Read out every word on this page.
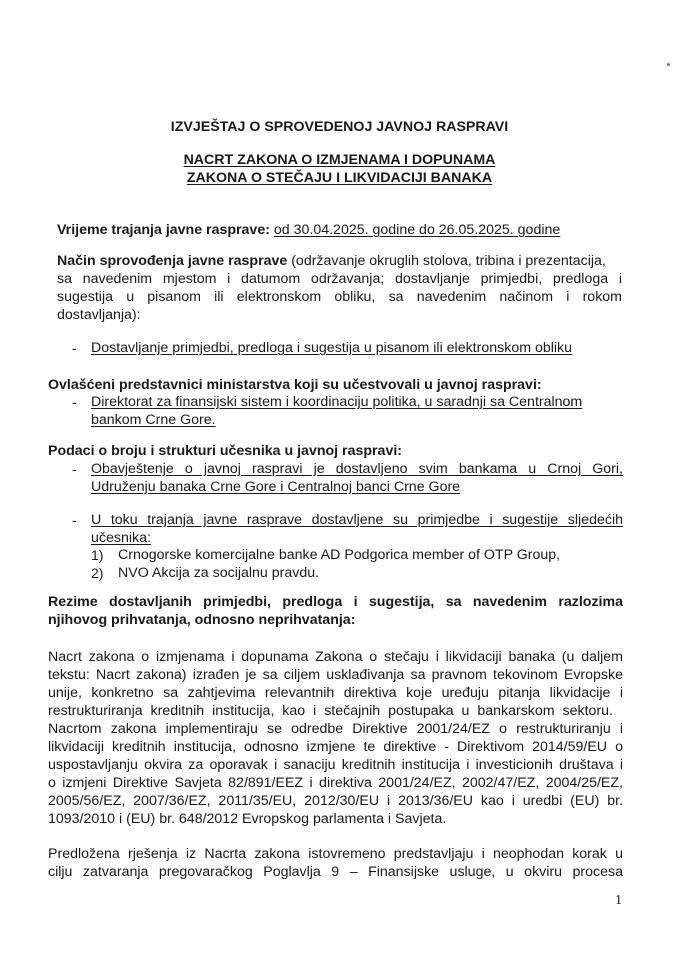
IZVJEŠTAJ O SPROVEDENOJ JAVNOJ RASPRAVI
NACRT ZAKONA O IZMJENAMA I DOPUNAMA
ZAKONA O STEČAJU I LIKVIDACIJI BANAKA
Vrijeme trajanja javne rasprave: od 30.04.2025. godine do 26.05.2025. godine
Način sprovođenja javne rasprave (održavanje okruglih stolova, tribina i prezentacija,
sa navedenim mjestom i datumom održavanja; dostavljanje primjedbi, predloga i
sugestija u pisanom ili elektronskom obliku, sa navedenim načinom i rokom
dostavljanja):
- Dostavljanje primjedbi, predloga i sugestija u pisanom ili elektronskom obliku
Ovlašćeni predstavnici ministarstva koji su učestvovali u javnoj raspravi:
- Direktorat za finansijski sistem i koordinaciju politika, u saradnji sa Centralnom
bankom Crne Gore.
Podaci o broju i strukturi učesnika u javnoj raspravi:
- Obavještenje o javnoj raspravi je dostavljeno svim bankama u Crnoj Gori,
Udruženju banaka Crne Gore i Centralnoj banci Crne Gore
- U toku trajanja javne rasprave dostavljene su primjedbe i sugestije sljedećih
učesnika:
1) Crnogorske komercijalne banke AD Podgorica member of OTP Group,
2) NVO Akcija za socijalnu pravdu.
Rezime dostavljanih primjedbi, predloga i sugestija, sa navedenim razlozima
njihovog prihvatanja, odnosno neprihvatanja:
Nacrt zakona o izmjenama i dopunama Zakona o stečaju i likvidaciji banaka (u daljem
tekstu: Nacrt zakona) izrađen je sa ciljem usklađivanja sa pravnom tekovinom Evropske
unije, konkretno sa zahtjevima relevantnih direktiva koje uređuju pitanja likvidacije i
restrukturiranja kreditnih institucija, kao i stečajnih postupaka u bankarskom sektoru.
Nacrtom zakona implementiraju se odredbe Direktive 2001/24/EZ o restrukturiranju i
likvidaciji kreditnih institucija, odnosno izmjene te direktive - Direktivom 2014/59/EU o
uspostavljanju okvira za oporavak i sanaciju kreditnih institucija i investicionih društava i
o izmjeni Direktive Savjeta 82/891/EEZ i direktiva 2001/24/EZ, 2002/47/EZ, 2004/25/EZ,
2005/56/EZ, 2007/36/EZ, 2011/35/EU, 2012/30/EU i 2013/36/EU kao i uredbi (EU) br.
1093/2010 i (EU) br. 648/2012 Evropskog parlamenta i Savjeta.
Predložena rješenja iz Nacrta zakona istovremeno predstavljaju i neophodan korak u
cilju zatvaranja pregovaračkog Poglavlja 9 – Finansijske usluge, u okviru procesa
1
